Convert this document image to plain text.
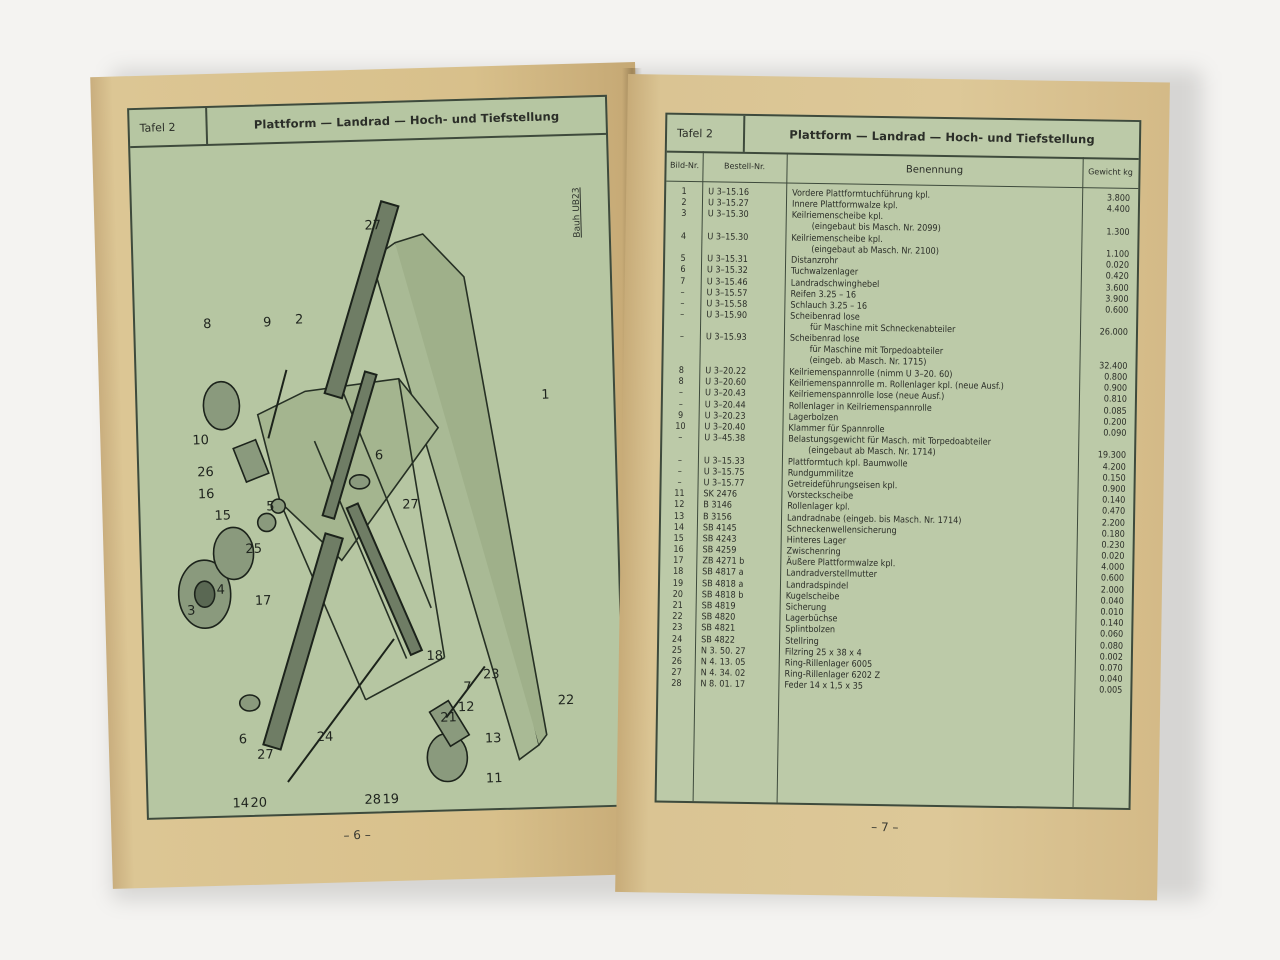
Tafel 2	Plattform — Landrad — Hoch- und Tiefstellung
Bauh UB23
27
2
8	9
10
26
16
3
4
25
5
6
27
1
17
18
23
22
7
12
21
13
11
24
14 20	28 19
6
27
15
– 6 –
Tafel 2	Plattform — Landrad — Hoch- und Tiefstellung
Bild-Nr.	Bestell-Nr.	Benennung	Gewicht kg
1	U 3–15.16	Vordere Plattformtuchführung kpl.	3.800
2	U 3–15.27	Innere Plattformwalze kpl.	4.400
3	U 3–15.30	Keilriemenscheibe kpl.
(eingebaut bis Masch. Nr. 2099)	1.300
4	U 3–15.30	Keilriemenscheibe kpl.
(eingebaut ab Masch. Nr. 2100)	1.100
5	U 3–15.31	Distanzrohr	0.020
6	U 3–15.32	Tuchwalzenlager	0.420
7	U 3–15.46	Landradschwinghebel	3.600
–	U 3–15.57	Reifen 3.25 – 16	3.900
–	U 3–15.58	Schlauch 3.25 – 16	0.600
–	U 3–15.90	Scheibenrad lose
für Maschine mit Schneckenabteiler	26.000
–	U 3–15.93	Scheibenrad lose
für Maschine mit Torpedoabteiler
(eingeb. ab Masch. Nr. 1715)	32.400
8	U 3–20.22	Keilriemenspannrolle (nimm U 3–20. 60)	0.800
8	U 3–20.60	Keilriemenspannrolle m. Rollenlager kpl. (neue Ausf.)	0.900
–	U 3–20.43	Keilriemenspannrolle lose (neue Ausf.)	0.810
–	U 3–20.44	Rollenlager in Keilriemenspannrolle	0.085
9	U 3–20.23	Lagerbolzen	0.200
10	U 3–20.40	Klammer für Spannrolle	0.090
–	U 3–45.38	Belastungsgewicht für Masch. mit Torpedoabteiler
(eingebaut ab Masch. Nr. 1714)	19.300
–	U 3–15.33	Plattformtuch kpl. Baumwolle	4.200
–	U 3–15.75	Rundgummilitze	0.150
–	U 3–15.77	Getreideführungseisen kpl.	0.900
11	SK 2476	Vorsteckscheibe	0.140
12	B 3146	Rollenlager kpl.	0.470
13	B 3156	Landradnabe (eingeb. bis Masch. Nr. 1714)	2.200
14	SB 4145	Schneckenwellensicherung	0.180
15	SB 4243	Hinteres Lager	0.230
16	SB 4259	Zwischenring	0.020
17	ZB 4271 b	Äußere Plattformwalze kpl.	4.000
18	SB 4817 a	Landradverstellmutter	0.600
19	SB 4818 a	Landradspindel	2.000
20	SB 4818 b	Kugelscheibe	0.040
21	SB 4819	Sicherung	0.010
22	SB 4820	Lagerbüchse	0.140
23	SB 4821	Splintbolzen	0.060
24	SB 4822	Stellring	0.080
25	N 3. 50. 27	Filzring 25 x 38 x 4	0.002
26	N 4. 13. 05	Ring-Rillenlager 6005	0.070
27	N 4. 34. 02	Ring-Rillenlager 6202 Z	0.040
28	N 8. 01. 17	Feder 14 x 1,5 x 35	0.005
– 7 –
